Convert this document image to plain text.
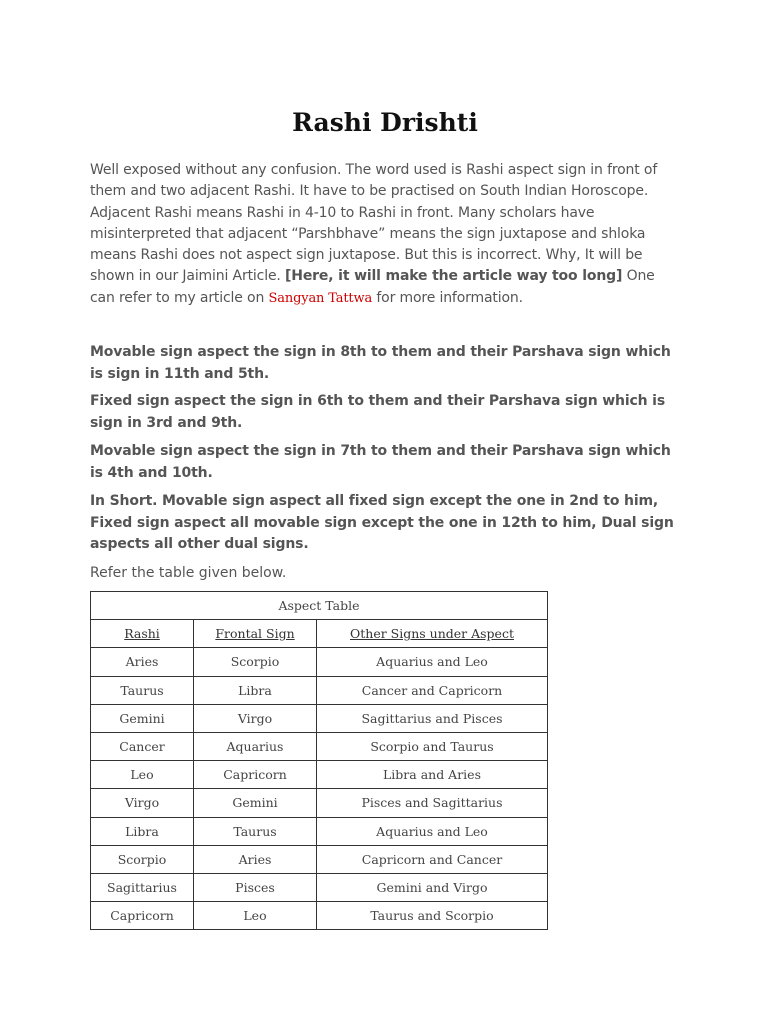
Rashi Drishti

Well exposed without any confusion. The word used is Rashi aspect sign in front of them and two adjacent Rashi. It have to be practised on South Indian Horoscope. Adjacent Rashi means Rashi in 4-10 to Rashi in front. Many scholars have misinterpreted that adjacent “Parshbhave” means the sign juxtapose and shloka means Rashi does not aspect sign juxtapose. But this is incorrect. Why, It will be shown in our Jaimini Article. [Here, it will make the article way too long] One can refer to my article on Sangyan Tattwa for more information.

Movable sign aspect the sign in 8th to them and their Parshava sign which is sign in 11th and 5th.

Fixed sign aspect the sign in 6th to them and their Parshava sign which is sign in 3rd and 9th.

Movable sign aspect the sign in 7th to them and their Parshava sign which is 4th and 10th.

In Short. Movable sign aspect all fixed sign except the one in 2nd to him, Fixed sign aspect all movable sign except the one in 12th to him, Dual sign aspects all other dual signs.

Refer the table given below.

Aspect Table		
Rashi	Frontal Sign	Other Signs under Aspect
Aries	Scorpio	Aquarius and Leo
Taurus	Libra	Cancer and Capricorn
Gemini	Virgo	Sagittarius and Pisces
Cancer	Aquarius	Scorpio and Taurus
Leo	Capricorn	Libra and Aries
Virgo	Gemini	Pisces and Sagittarius
Libra	Taurus	Aquarius and Leo
Scorpio	Aries	Capricorn and Cancer
Sagittarius	Pisces	Gemini and Virgo
Capricorn	Leo	Taurus and Scorpio
